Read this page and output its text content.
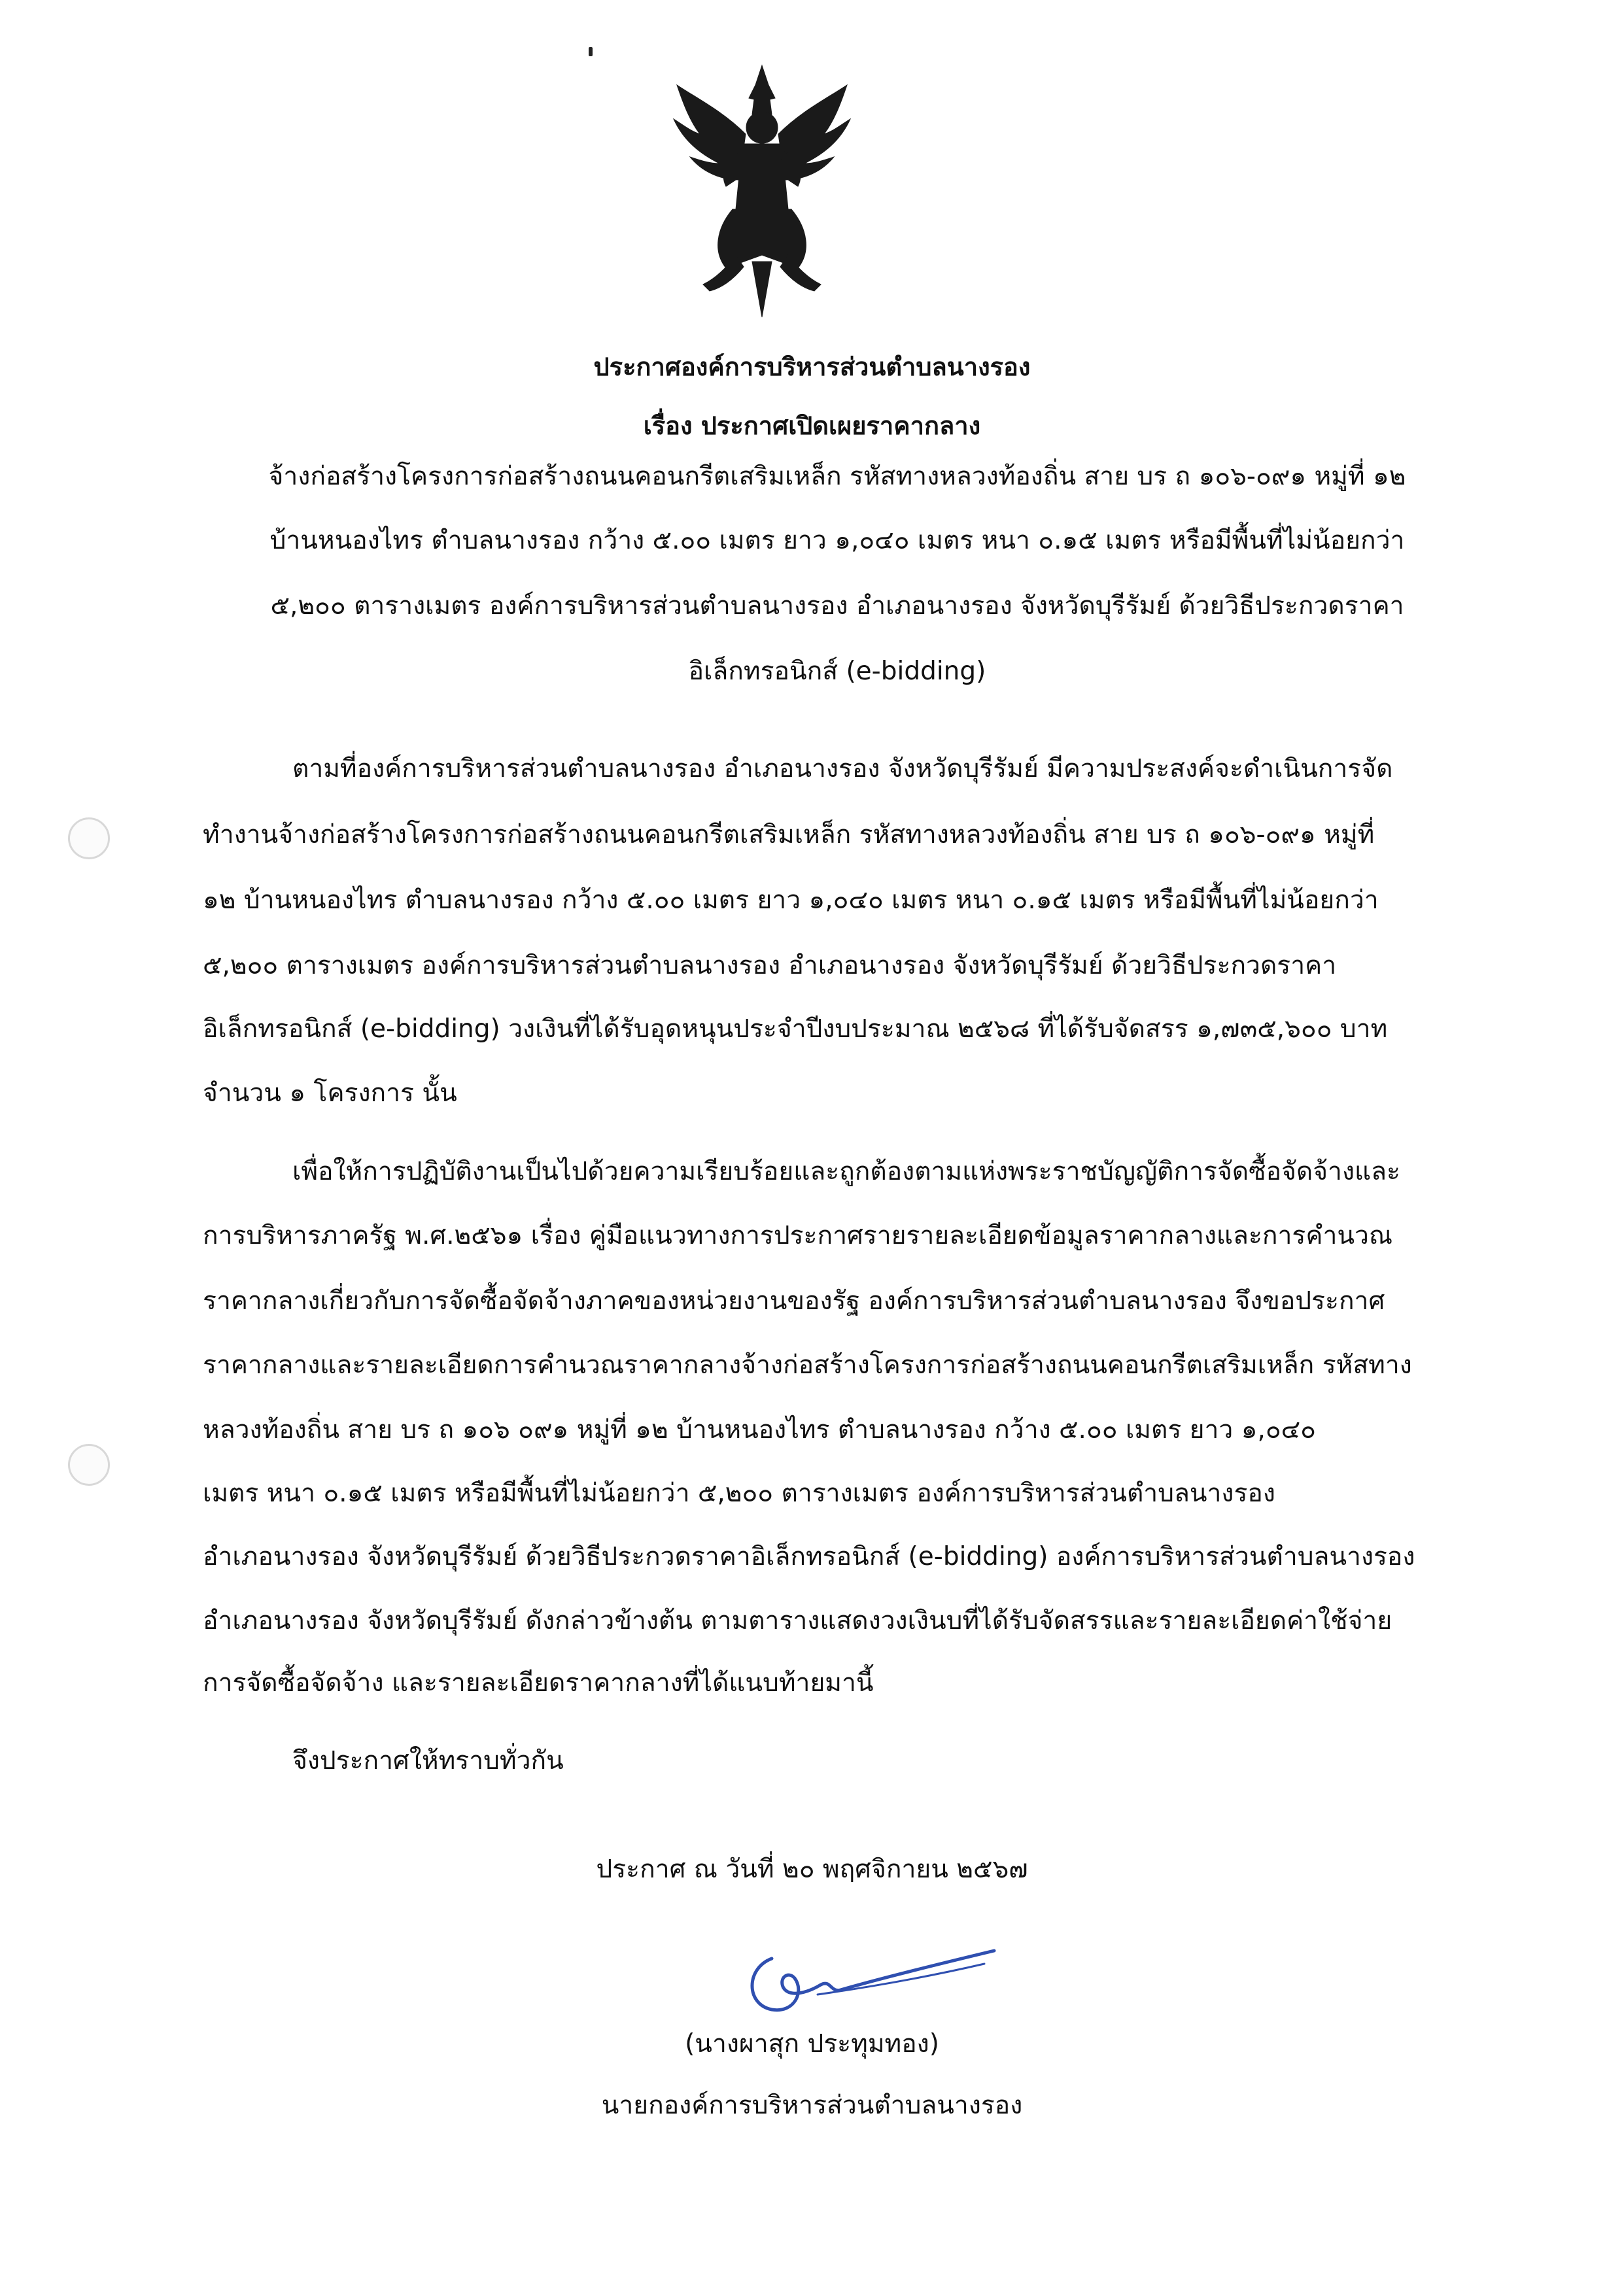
ประกาศองค์การบริหารส่วนตำบลนางรอง
เรื่อง ประกาศเปิดเผยราคากลาง
จ้างก่อสร้างโครงการก่อสร้างถนนคอนกรีตเสริมเหล็ก รหัสทางหลวงท้องถิ่น สาย บร ถ ๑๐๖-๐๙๑ หมู่ที่ ๑๒
บ้านหนองไทร ตำบลนางรอง กว้าง ๕.๐๐ เมตร ยาว ๑,๐๔๐ เมตร หนา ๐.๑๕ เมตร หรือมีพื้นที่ไม่น้อยกว่า
๕,๒๐๐ ตารางเมตร องค์การบริหารส่วนตำบลนางรอง อำเภอนางรอง จังหวัดบุรีรัมย์ ด้วยวิธีประกวดราคา
อิเล็กทรอนิกส์ (e-bidding)
ตามที่องค์การบริหารส่วนตำบลนางรอง อำเภอนางรอง จังหวัดบุรีรัมย์ มีความประสงค์จะดำเนินการจัด
ทำงานจ้างก่อสร้างโครงการก่อสร้างถนนคอนกรีตเสริมเหล็ก รหัสทางหลวงท้องถิ่น สาย บร ถ ๑๐๖-๐๙๑ หมู่ที่
๑๒ บ้านหนองไทร ตำบลนางรอง กว้าง ๕.๐๐ เมตร ยาว ๑,๐๔๐ เมตร หนา ๐.๑๕ เมตร หรือมีพื้นที่ไม่น้อยกว่า
๕,๒๐๐ ตารางเมตร องค์การบริหารส่วนตำบลนางรอง อำเภอนางรอง จังหวัดบุรีรัมย์ ด้วยวิธีประกวดราคา
อิเล็กทรอนิกส์ (e-bidding) วงเงินที่ได้รับอุดหนุนประจำปีงบประมาณ ๒๕๖๘ ที่ได้รับจัดสรร ๑,๗๓๕,๖๐๐ บาท
จำนวน ๑ โครงการ นั้น
เพื่อให้การปฏิบัติงานเป็นไปด้วยความเรียบร้อยและถูกต้องตามแห่งพระราชบัญญัติการจัดซื้อจัดจ้างและ
การบริหารภาครัฐ พ.ศ.๒๕๖๑ เรื่อง คู่มือแนวทางการประกาศรายรายละเอียดข้อมูลราคากลางและการคำนวณ
ราคากลางเกี่ยวกับการจัดซื้อจัดจ้างภาคของหน่วยงานของรัฐ องค์การบริหารส่วนตำบลนางรอง จึงขอประกาศ
ราคากลางและรายละเอียดการคำนวณราคากลางจ้างก่อสร้างโครงการก่อสร้างถนนคอนกรีตเสริมเหล็ก รหัสทาง
หลวงท้องถิ่น สาย บร ถ ๑๐๖ ๐๙๑ หมู่ที่ ๑๒ บ้านหนองไทร ตำบลนางรอง กว้าง ๕.๐๐ เมตร ยาว ๑,๐๔๐
เมตร หนา ๐.๑๕ เมตร หรือมีพื้นที่ไม่น้อยกว่า ๕,๒๐๐ ตารางเมตร องค์การบริหารส่วนตำบลนางรอง
อำเภอนางรอง จังหวัดบุรีรัมย์ ด้วยวิธีประกวดราคาอิเล็กทรอนิกส์ (e-bidding) องค์การบริหารส่วนตำบลนางรอง
อำเภอนางรอง จังหวัดบุรีรัมย์ ดังกล่าวข้างต้น ตามตารางแสดงวงเงินบที่ได้รับจัดสรรและรายละเอียดค่าใช้จ่าย
การจัดซื้อจัดจ้าง และรายละเอียดราคากลางที่ได้แนบท้ายมานี้
จึงประกาศให้ทราบทั่วกัน
ประกาศ ณ วันที่ ๒๐ พฤศจิกายน ๒๕๖๗
(นางผาสุก ประทุมทอง)
นายกองค์การบริหารส่วนตำบลนางรอง
